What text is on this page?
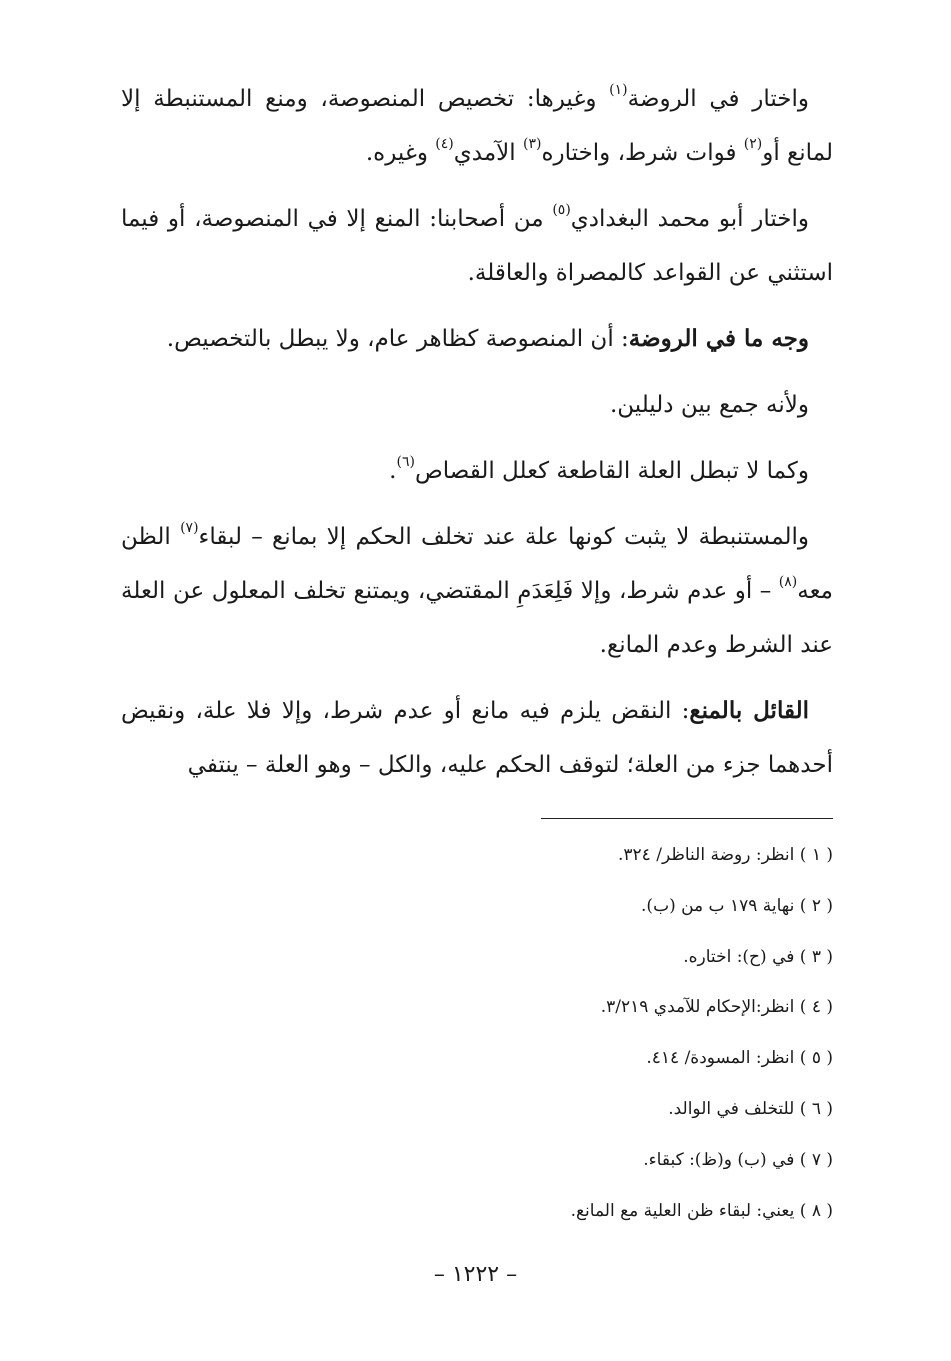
واختار في الروضة$^{(١)}$ وغيرها: تخصيص المنصوصة، ومنع المستنبطة إلا لمانع أو$^{(٢)}$ فوات شرط، واختاره$^{(٣)}$ الآمدي$^{(٤)}$ وغيره.

واختار أبو محمد البغدادي$^{(٥)}$ من أصحابنا: المنع إلا في المنصوصة، أو فيما استثني عن القواعد كالمصراة والعاقلة.

وجه ما في الروضة: أن المنصوصة كظاهر عام، ولا يبطل بالتخصيص.

ولأنه جمع بين دليلين.

وكما لا تبطل العلة القاطعة كعلل القصاص$^{(٦)}$.

والمستنبطة لا يثبت كونها علة عند تخلف الحكم إلا بمانع – لبقاء$^{(٧)}$ الظن معه$^{(٨)}$ – أو عدم شرط، وإلا فَلِعَدَمِ المقتضي، ويمتنع تخلف المعلول عن العلة عند الشرط وعدم المانع.

القائل بالمنع: النقض يلزم فيه مانع أو عدم شرط، وإلا فلا علة، ونقيض أحدهما جزء من العلة؛ لتوقف الحكم عليه، والكل – وهو العلة – ينتفي

( ١ ) انظر: روضة الناظر/ ٣٢٤.
( ٢ ) نهاية ١٧٩ ب من (ب).
( ٣ ) في (ح): اختاره.
( ٤ ) انظر:الإحكام للآمدي ٣/٢١٩.
( ٥ ) انظر: المسودة/ ٤١٤.
( ٦ ) للتخلف في الوالد.
( ٧ ) في (ب) و(ظ): كبقاء.
( ٨ ) يعني: لبقاء ظن العلية مع المانع.
– ١٢٢٢ –
